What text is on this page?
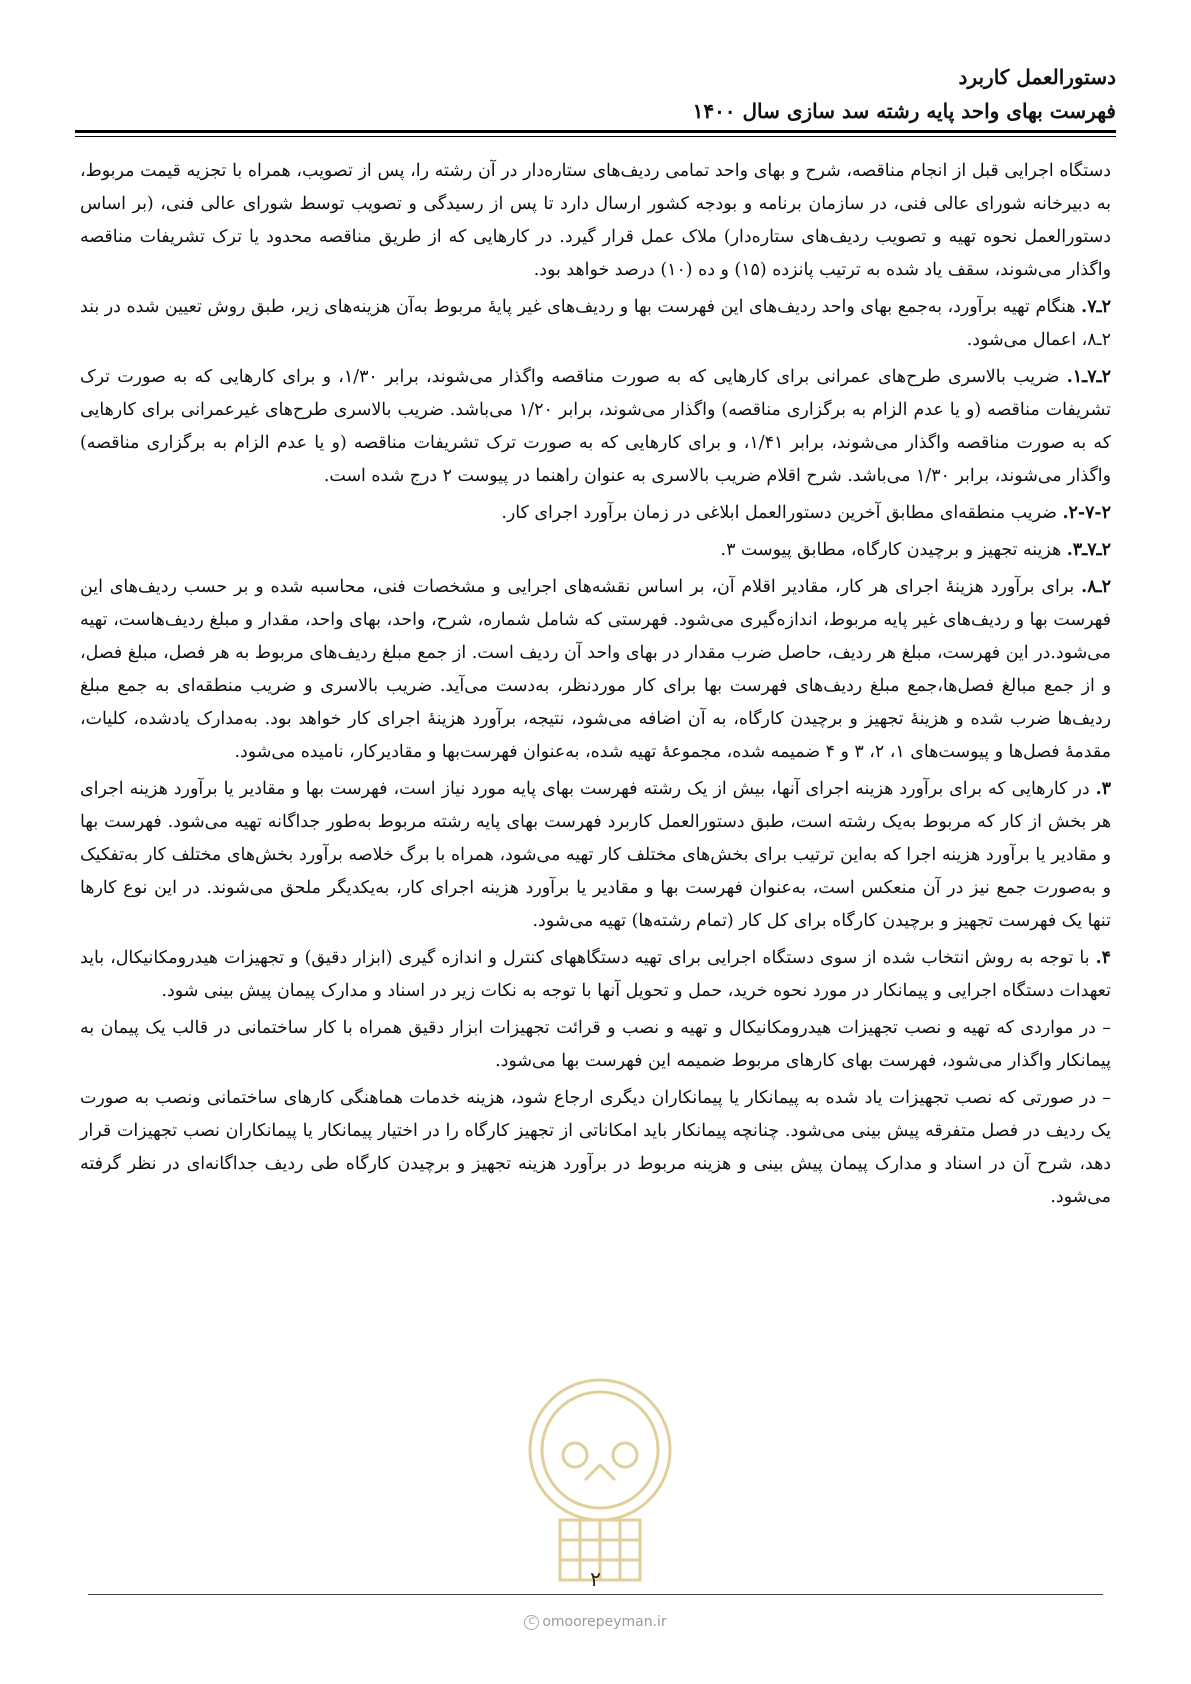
دستورالعمل کاربرد
فهرست بهای واحد پایه رشته سد سازی سال ۱۴۰۰

دستگاه اجرایی قبل از انجام مناقصه، شرح و بهای واحد تمامی ردیف‌های ستاره‌دار در آن رشته را، پس از تصویب، همراه با تجزیه قیمت مربوط، به دبیرخانه شورای عالی فنی، در سازمان برنامه و بودجه کشور ارسال دارد تا پس از رسیدگی و تصویب توسط شورای عالی فنی، (بر اساس دستورالعمل نحوه تهیه و تصویب ردیف‌های ستاره‌دار) ملاک عمل قرار گیرد. در کارهایی که از طریق مناقصه محدود یا ترک تشریفات مناقصه واگذار می‌شوند، سقف یاد شده به ترتیب پانزده (۱۵) و ده (۱۰) درصد خواهد بود.

۲ـ۷. هنگام تهیه برآورد، به‌جمع بهای واحد ردیف‌های این فهرست بها و ردیف‌های غیر پایهٔ مربوط به‌آن هزینه‌های زیر، طبق روش تعیین شده در بند ۲ـ۸، اعمال می‌شود.

۲ـ۷ـ۱. ضریب بالاسری طرح‌های عمرانی برای کارهایی که به صورت مناقصه واگذار می‌شوند، برابر ۱/۳۰، و برای کارهایی که به صورت ترک تشریفات مناقصه (و یا عدم الزام به برگزاری مناقصه) واگذار می‌شوند، برابر ۱/۲۰ می‌باشد. ضریب بالاسری طرح‌های غیرعمرانی برای کارهایی که به صورت مناقصه واگذار می‌شوند، برابر ۱/۴۱، و برای کارهایی که به صورت ترک تشریفات مناقصه (و یا عدم الزام به برگزاری مناقصه) واگذار می‌شوند، برابر ۱/۳۰ می‌باشد. شرح اقلام ضریب بالاسری به عنوان راهنما در پیوست ۲ درج شده است.

۲-۷-۲. ضریب منطقه‌ای مطابق آخرین دستورالعمل ابلاغی در زمان برآورد اجرای کار.

۲ـ۷ـ۳. هزینه تجهیز و برچیدن کارگاه، مطابق پیوست ۳.

۲ـ۸. برای برآورد هزینهٔ اجرای هر کار، مقادیر اقلام آن، بر اساس نقشه‌های اجرایی و مشخصات فنی، محاسبه شده و بر حسب ردیف‌های این فهرست بها و ردیف‌های غیر پایه مربوط، اندازه‌گیری می‌شود. فهرستی که شامل شماره، شرح، واحد، بهای واحد، مقدار و مبلغ ردیف‌هاست، تهیه می‌شود.در این فهرست، مبلغ هر ردیف، حاصل ضرب مقدار در بهای واحد آن ردیف است. از جمع مبلغ ردیف‌های مربوط به هر فصل، مبلغ فصل، و از جمع مبالغ فصل‌ها،جمع مبلغ ردیف‌های فهرست بها برای کار موردنظر، به‌دست می‌آید. ضریب بالاسری و ضریب منطقه‌ای به جمع مبلغ ردیف‌ها ضرب شده و هزینهٔ تجهیز و برچیدن کارگاه، به آن اضافه می‌شود، نتیجه، برآورد هزینهٔ اجرای کار خواهد بود. به‌مدارک یادشده، کلیات، مقدمهٔ فصل‌ها و پیوست‌های ۱، ۲، ۳ و ۴ ضمیمه شده، مجموعهٔ تهیه شده، به‌عنوان فهرست‌بها و مقادیرکار، نامیده می‌شود.

۳. در کارهایی که برای برآورد هزینه اجرای آنها، بیش از یک رشته فهرست بهای پایه مورد نیاز است، فهرست بها و مقادیر یا برآورد هزینه اجرای هر بخش از کار که مربوط به‌یک رشته است، طبق دستورالعمل کاربرد فهرست بهای پایه رشته مربوط به‌طور جداگانه تهیه می‌شود. فهرست بها و مقادیر یا برآورد هزینه اجرا که به‌این ترتیب برای بخش‌های مختلف کار تهیه می‌شود، همراه با برگ خلاصه برآورد بخش‌های مختلف کار به‌تفکیک و به‌صورت جمع نیز در آن منعکس است، به‌عنوان فهرست بها و مقادیر یا برآورد هزینه اجرای کار، به‌یکدیگر ملحق می‌شوند. در این نوع کارها تنها یک فهرست تجهیز و برچیدن کارگاه برای کل کار (تمام رشته‌ها) تهیه می‌شود.

۴. با توجه به روش انتخاب شده از سوی دستگاه اجرایی برای تهیه دستگاههای کنترل و اندازه گیری (ابزار دقیق) و تجهیزات هیدرومکانیکال، باید تعهدات دستگاه اجرایی و پیمانکار در مورد نحوه خرید، حمل و تحویل آنها با توجه به نکات زیر در اسناد و مدارک پیمان پیش بینی شود.

– در مواردی که تهیه و نصب تجهیزات هیدرومکانیکال و تهیه و نصب و قرائت تجهیزات ابزار دقیق همراه با کار ساختمانی در قالب یک پیمان به پیمانکار واگذار می‌شود، فهرست بهای کارهای مربوط ضمیمه این فهرست بها می‌شود.

– در صورتی که نصب تجهیزات یاد شده به پیمانکار یا پیمانکاران دیگری ارجاع شود، هزینه خدمات هماهنگی کارهای ساختمانی ونصب به صورت یک ردیف در فصل متفرقه پیش بینی می‌شود. چنانچه پیمانکار باید امکاناتی از تجهیز کارگاه را در اختیار پیمانکار یا پیمانکاران نصب تجهیزات قرار دهد، شرح آن در اسناد و مدارک پیمان پیش بینی و هزینه مربوط در برآورد هزینه تجهیز و برچیدن کارگاه طی ردیف جداگانه‌ای در نظر گرفته می‌شود.

۲
C omoorepeyman.ir
